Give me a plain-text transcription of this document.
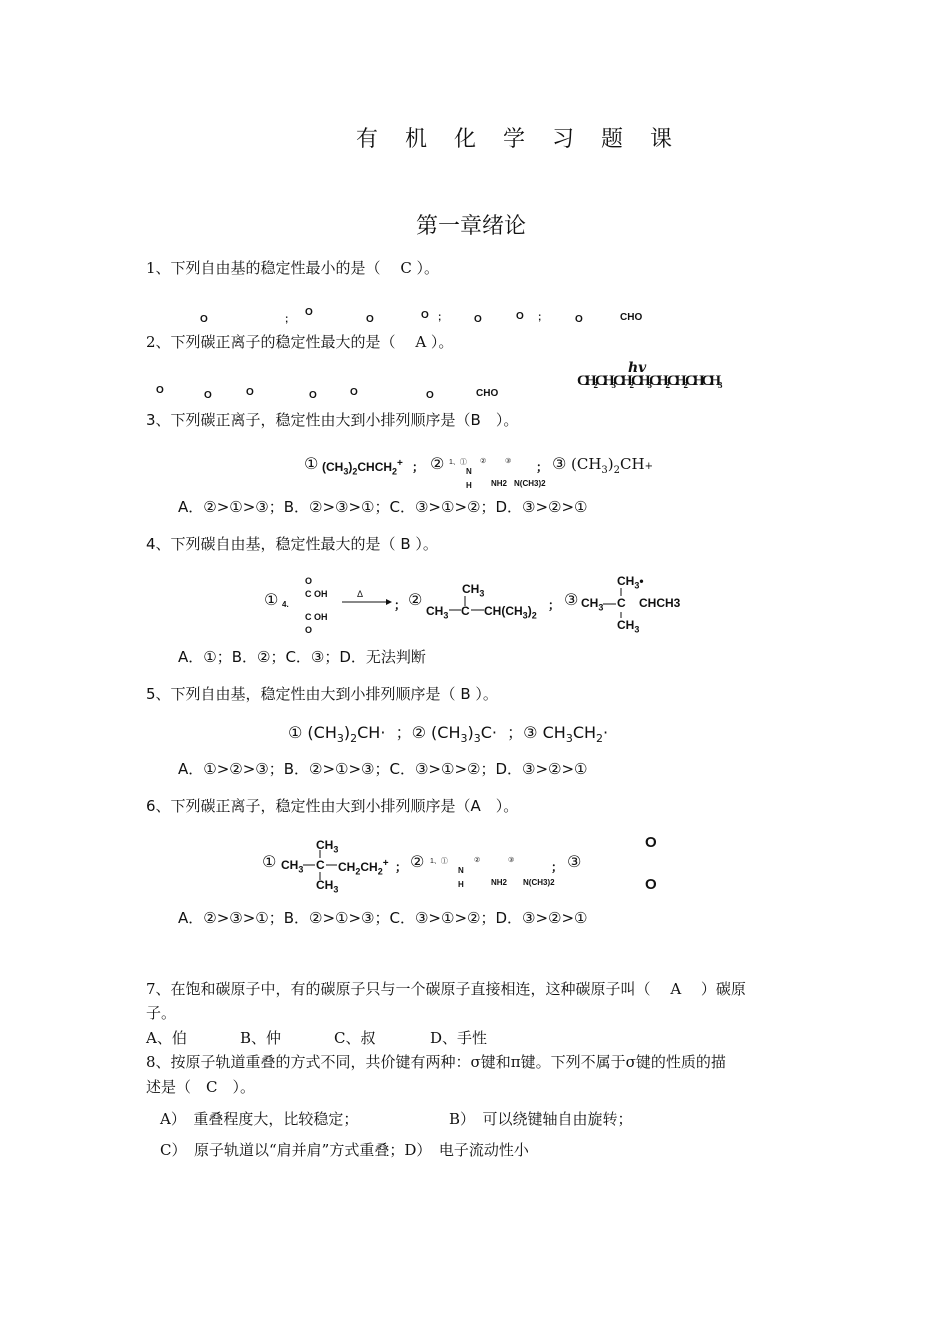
有 机 化 学 习 题 课
第一章绪论
1、下列自由基的稳定性最小的是（　 C ）。
O	;
O
O	O ;	O	O ;	O	CHO
2、下列碳正离子的稳定性最大的是（　 A ）。
O	O	O	O	O	O	CHO
hv
CH₂CH₃CH₂CH₃CH₂CH₂CHCH₃
3、下列碳正离子，稳定性由大到小排列顺序是（B　）。
① $(CH_3)_2CHCH_2^+$ ； ② 1、① ②	③
N
H NH2 N(CH3)2
； ③ $(CH_3)_2CH+$
A．②>①>③；B．②>③>①；C．③>①>②；D．③>②>①
4、下列碳自由基，稳定性最大的是（ B ）。
① 4.
O
C OH
C OH
O
Δ
→ ； ②
$CH_3$
$CH_3$ C $CH(CH_3)_2$
； ③
$CH_3•$
$CH_3$ C CHCH3
$CH_3$
A．①；B．②；C．③；D．无法判断
5、下列自由基，稳定性由大到小排列顺序是（ B ）。
① $(CH_3)_2CH\cdot$  ；② $(CH_3)_3C\cdot$  ；③ $CH_3CH_2\cdot$
A．①>②>③；B．②>①>③；C．③>①>②；D．③>②>①
6、下列碳正离子，稳定性由大到小排列顺序是（A　）。
①
$CH_3$
$CH_3$ C $CH_2CH_2^+$
$CH_3$
； ② 1、①	②	③
N
H	NH2 N(CH3)2
； ③
O
O
A．②>③>①；B．②>①>③；C．③>①>②；D．③>②>①
7、在饱和碳原子中，有的碳原子只与一个碳原子直接相连，这种碳原子叫（　 A　 ）碳原
子。
A、伯	B、仲	C、叔	D、手性
8、按原子轨道重叠的方式不同，共价键有两种：σ键和π键。下列不属于σ键的性质的描
述是（　C　）。
A）　重叠程度大，比较稳定；	B）　可以绕键轴自由旋转；
C）　原子轨道以“肩并肩”方式重叠；D）　电子流动性小
